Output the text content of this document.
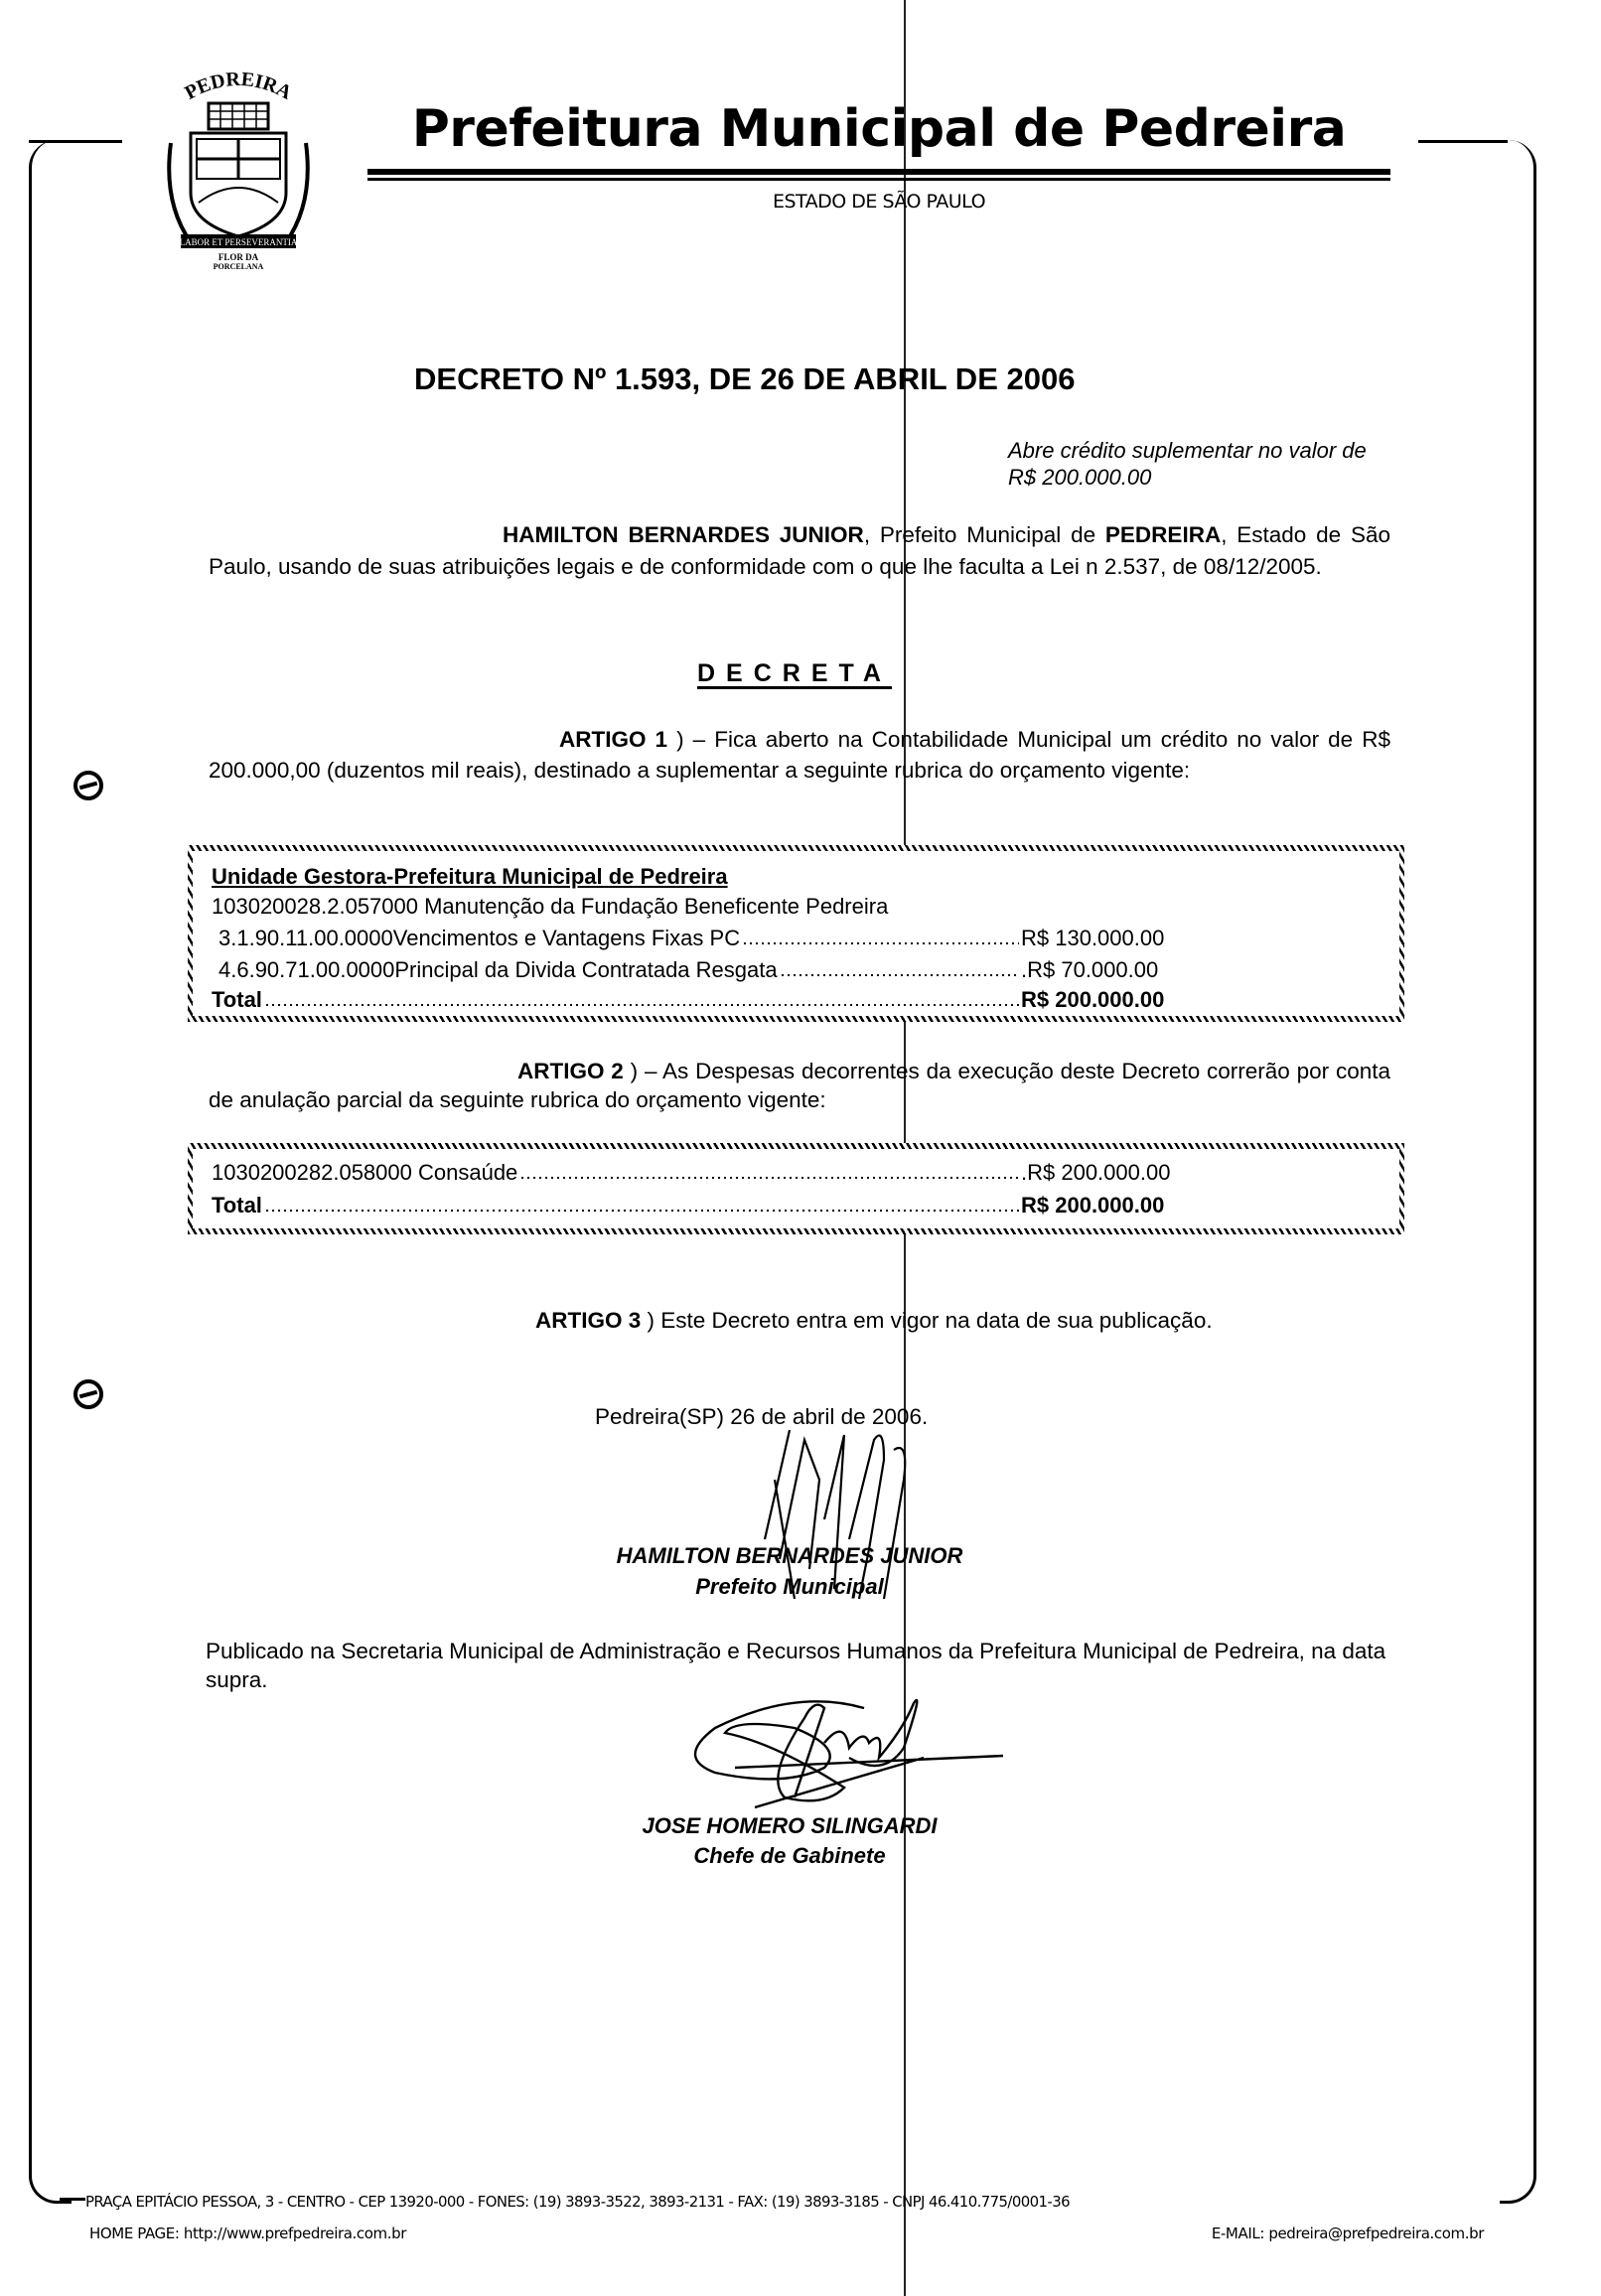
PEDREIRA
LABOR ET PERSEVERANTIA
FLOR DA
PORCELANA
Prefeitura Municipal de Pedreira
ESTADO DE SÃO PAULO
DECRETO Nº 1.593, DE 26 DE ABRIL DE 2006
Abre crédito suplementar no valor de R$ 200.000.00
HAMILTON BERNARDES JUNIOR, Prefeito Municipal de PEDREIRA, Estado de São Paulo, usando de suas atribuições legais e de conformidade com o que lhe faculta a Lei n 2.537, de 08/12/2005.
DECRETA
ARTIGO 1 ) – Fica aberto na Contabilidade Municipal um crédito no valor de R$ 200.000,00 (duzentos mil reais), destinado a suplementar a seguinte rubrica do orçamento vigente:
Unidade Gestora-Prefeitura Municipal de Pedreira
103020028.2.057000 Manutenção da Fundação Beneficente Pedreira
3.1.90.11.00.0000Vencimentos e Vantagens Fixas PC	R$ 130.000.00
4.6.90.71.00.0000Principal da Divida Contratada Resgata	.R$ 70.000.00
Total	R$ 200.000.00
ARTIGO 2 ) – As Despesas decorrentes da execução deste Decreto correrão por conta de anulação parcial da seguinte rubrica do orçamento vigente:
1030200282.058000 Consaúde	.R$ 200.000.00
Total	R$ 200.000.00
ARTIGO 3 ) Este Decreto entra em vigor na data de sua publicação.
Pedreira(SP) 26 de abril de 2006.
HAMILTON BERNARDES JUNIOR
Prefeito Municipal
Publicado na Secretaria Municipal de Administração e Recursos Humanos da Prefeitura Municipal de Pedreira, na data supra.
JOSE HOMERO SILINGARDI
Chefe de Gabinete
PRAÇA EPITÁCIO PESSOA, 3 - CENTRO - CEP 13920-000 - FONES: (19) 3893-3522, 3893-2131 - FAX: (19) 3893-3185 - CNPJ 46.410.775/0001-36
HOME PAGE: http://www.prefpedreira.com.br	E-MAIL: pedreira@prefpedreira.com.br
